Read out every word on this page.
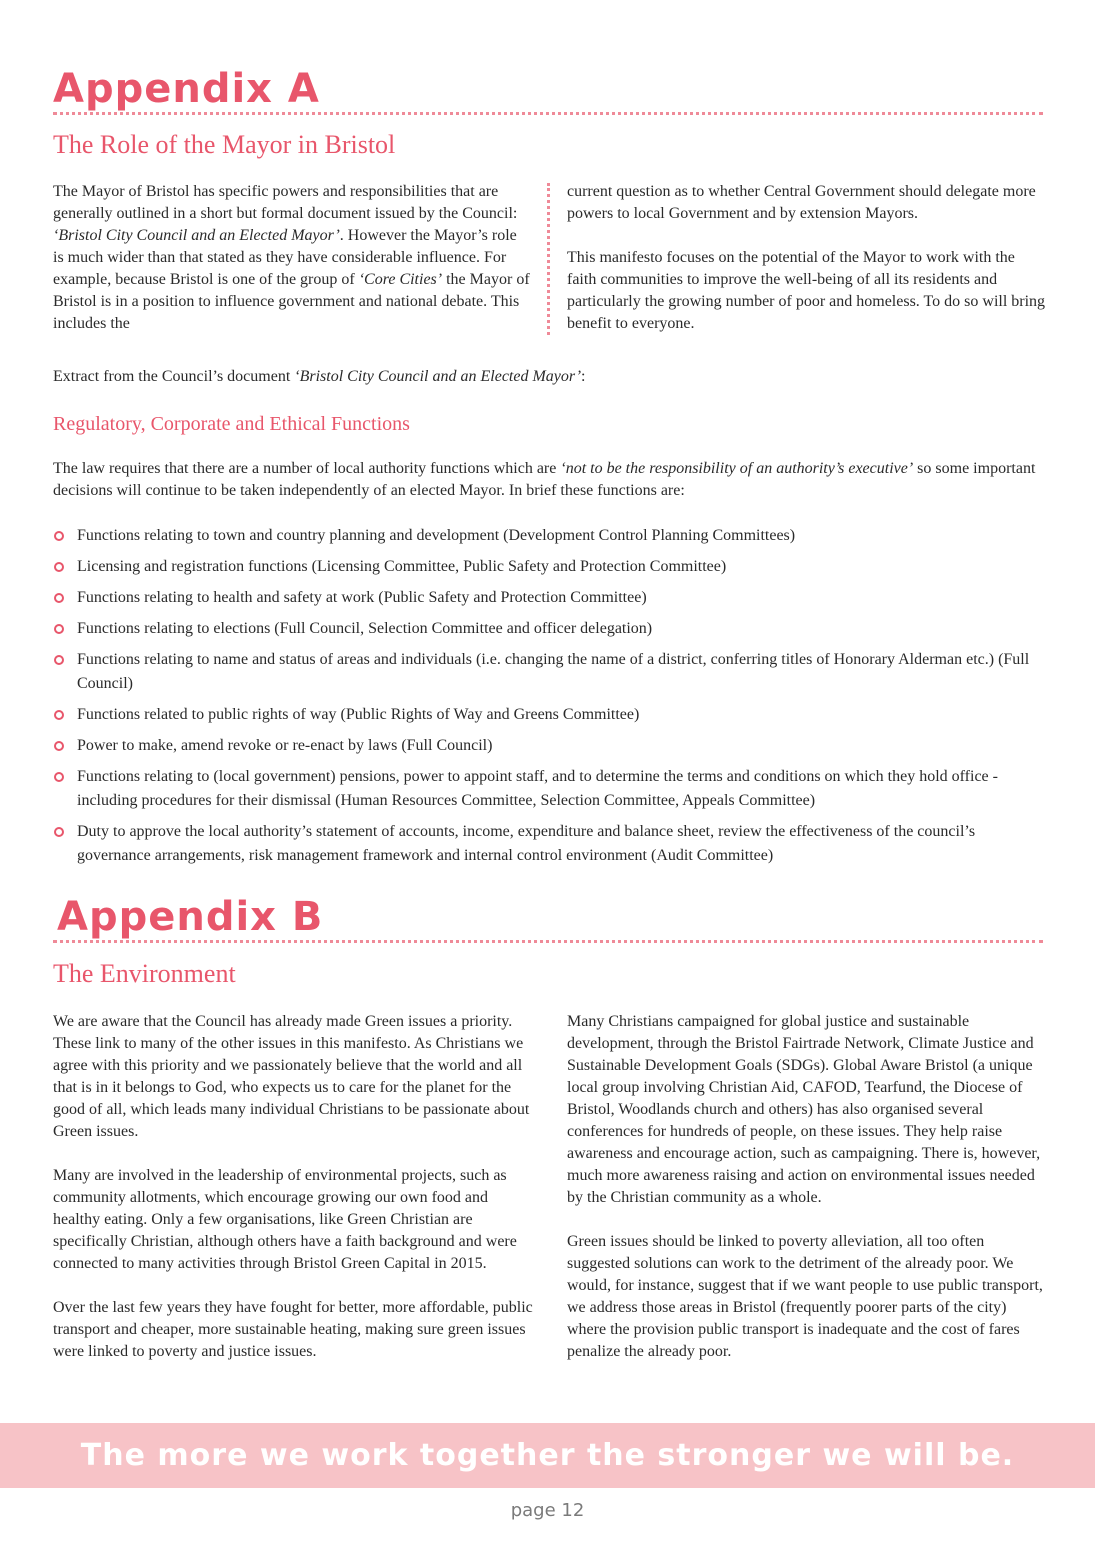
Appendix A
The Role of the Mayor in Bristol

The Mayor of Bristol has specific powers and responsibilities that are generally outlined in a short but formal document issued by the Council: ‘Bristol City Council and an Elected Mayor’. However the Mayor’s role is much wider than that stated as they have considerable influence. For example, because Bristol is one of the group of ‘Core Cities’ the Mayor of Bristol is in a position to influence government and national debate. This includes the

current question as to whether Central Government should delegate more powers to local Government and by extension Mayors.

This manifesto focuses on the potential of the Mayor to work with the faith communities to improve the well-being of all its residents and particularly the growing number of poor and homeless. To do so will bring benefit to everyone.

Extract from the Council’s document ‘Bristol City Council and an Elected Mayor’:
Regulatory, Corporate and Ethical Functions
The law requires that there are a number of local authority functions which are ‘not to be the responsibility of an authority’s executive’ so some important decisions will continue to be taken independently of an elected Mayor. In brief these functions are:
Functions relating to town and country planning and development (Development Control Planning Committees)
Licensing and registration functions (Licensing Committee, Public Safety and Protection Committee)
Functions relating to health and safety at work (Public Safety and Protection Committee)
Functions relating to elections (Full Council, Selection Committee and officer delegation)
Functions relating to name and status of areas and individuals (i.e. changing the name of a district, conferring titles of Honorary Alderman etc.) (Full Council)
Functions related to public rights of way (Public Rights of Way and Greens Committee)
Power to make, amend revoke or re-enact by laws (Full Council)
Functions relating to (local government) pensions, power to appoint staff, and to determine the terms and conditions on which they hold office - including procedures for their dismissal (Human Resources Committee, Selection Committee, Appeals Committee)
Duty to approve the local authority’s statement of accounts, income, expenditure and balance sheet, review the effectiveness of the council’s governance arrangements, risk management framework and internal control environment (Audit Committee)
Appendix B
The Environment

We are aware that the Council has already made Green issues a priority. These link to many of the other issues in this manifesto. As Christians we agree with this priority and we passionately believe that the world and all that is in it belongs to God, who expects us to care for the planet for the good of all, which leads many individual Christians to be passionate about Green issues.

Many are involved in the leadership of environmental projects, such as community allotments, which encourage growing our own food and healthy eating. Only a few organisations, like Green Christian are specifically Christian, although others have a faith background and were connected to many activities through Bristol Green Capital in 2015.

Over the last few years they have fought for better, more affordable, public transport and cheaper, more sustainable heating, making sure green issues were linked to poverty and justice issues.

Many Christians campaigned for global justice and sustainable development, through the Bristol Fairtrade Network, Climate Justice and Sustainable Development Goals (SDGs). Global Aware Bristol (a unique local group involving Christian Aid, CAFOD, Tearfund, the Diocese of Bristol, Woodlands church and others) has also organised several conferences for hundreds of people, on these issues. They help raise awareness and encourage action, such as campaigning. There is, however, much more awareness raising and action on environmental issues needed by the Christian community as a whole.

Green issues should be linked to poverty alleviation, all too often suggested solutions can work to the detriment of the already poor. We would, for instance, suggest that if we want people to use public transport, we address those areas in Bristol (frequently poorer parts of the city) where the provision public transport is inadequate and the cost of fares penalize the already poor.

The more we work together the stronger we will be.
page 12
